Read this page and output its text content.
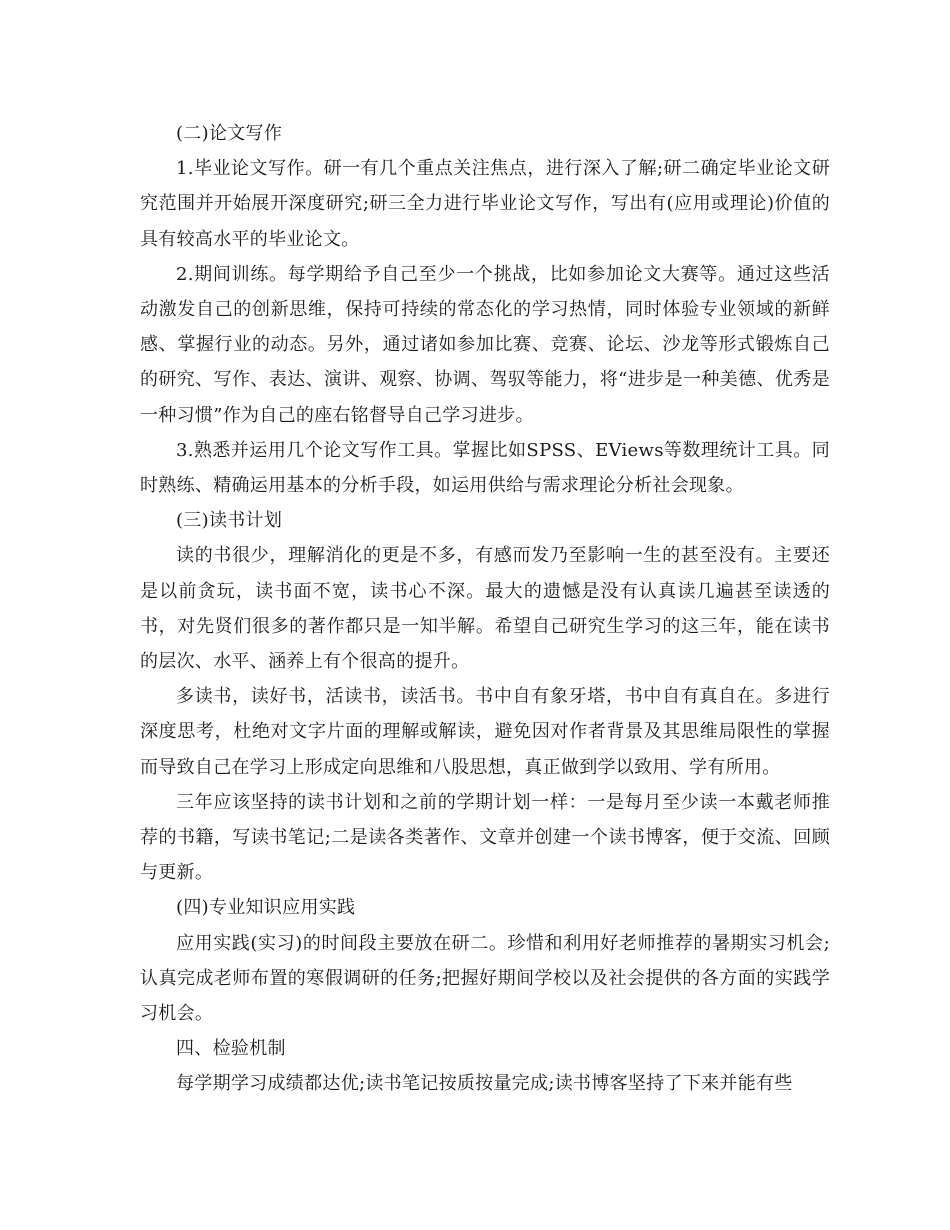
(二)论文写作

1.毕业论文写作。研一有几个重点关注焦点，进行深入了解;研二确定毕业论文研究范围并开始展开深度研究;研三全力进行毕业论文写作，写出有(应用或理论)价值的具有较高水平的毕业论文。

2.期间训练。每学期给予自己至少一个挑战，比如参加论文大赛等。通过这些活动激发自己的创新思维，保持可持续的常态化的学习热情，同时体验专业领域的新鲜感、掌握行业的动态。另外，通过诸如参加比赛、竞赛、论坛、沙龙等形式锻炼自己的研究、写作、表达、演讲、观察、协调、驾驭等能力，将“进步是一种美德、优秀是一种习惯”作为自己的座右铭督导自己学习进步。

3.熟悉并运用几个论文写作工具。掌握比如SPSS、EViews等数理统计工具。同时熟练、精确运用基本的分析手段，如运用供给与需求理论分析社会现象。

(三)读书计划

读的书很少，理解消化的更是不多，有感而发乃至影响一生的甚至没有。主要还是以前贪玩，读书面不宽，读书心不深。最大的遗憾是没有认真读几遍甚至读透的书，对先贤们很多的著作都只是一知半解。希望自己研究生学习的这三年，能在读书的层次、水平、涵养上有个很高的提升。

多读书，读好书，活读书，读活书。书中自有象牙塔，书中自有真自在。多进行深度思考，杜绝对文字片面的理解或解读，避免因对作者背景及其思维局限性的掌握而导致自己在学习上形成定向思维和八股思想，真正做到学以致用、学有所用。

三年应该坚持的读书计划和之前的学期计划一样：一是每月至少读一本戴老师推荐的书籍，写读书笔记;二是读各类著作、文章并创建一个读书博客，便于交流、回顾与更新。

(四)专业知识应用实践

应用实践(实习)的时间段主要放在研二。珍惜和利用好老师推荐的暑期实习机会;认真完成老师布置的寒假调研的任务;把握好期间学校以及社会提供的各方面的实践学习机会。

四、检验机制

每学期学习成绩都达优;读书笔记按质按量完成;读书博客坚持了下来并能有些
